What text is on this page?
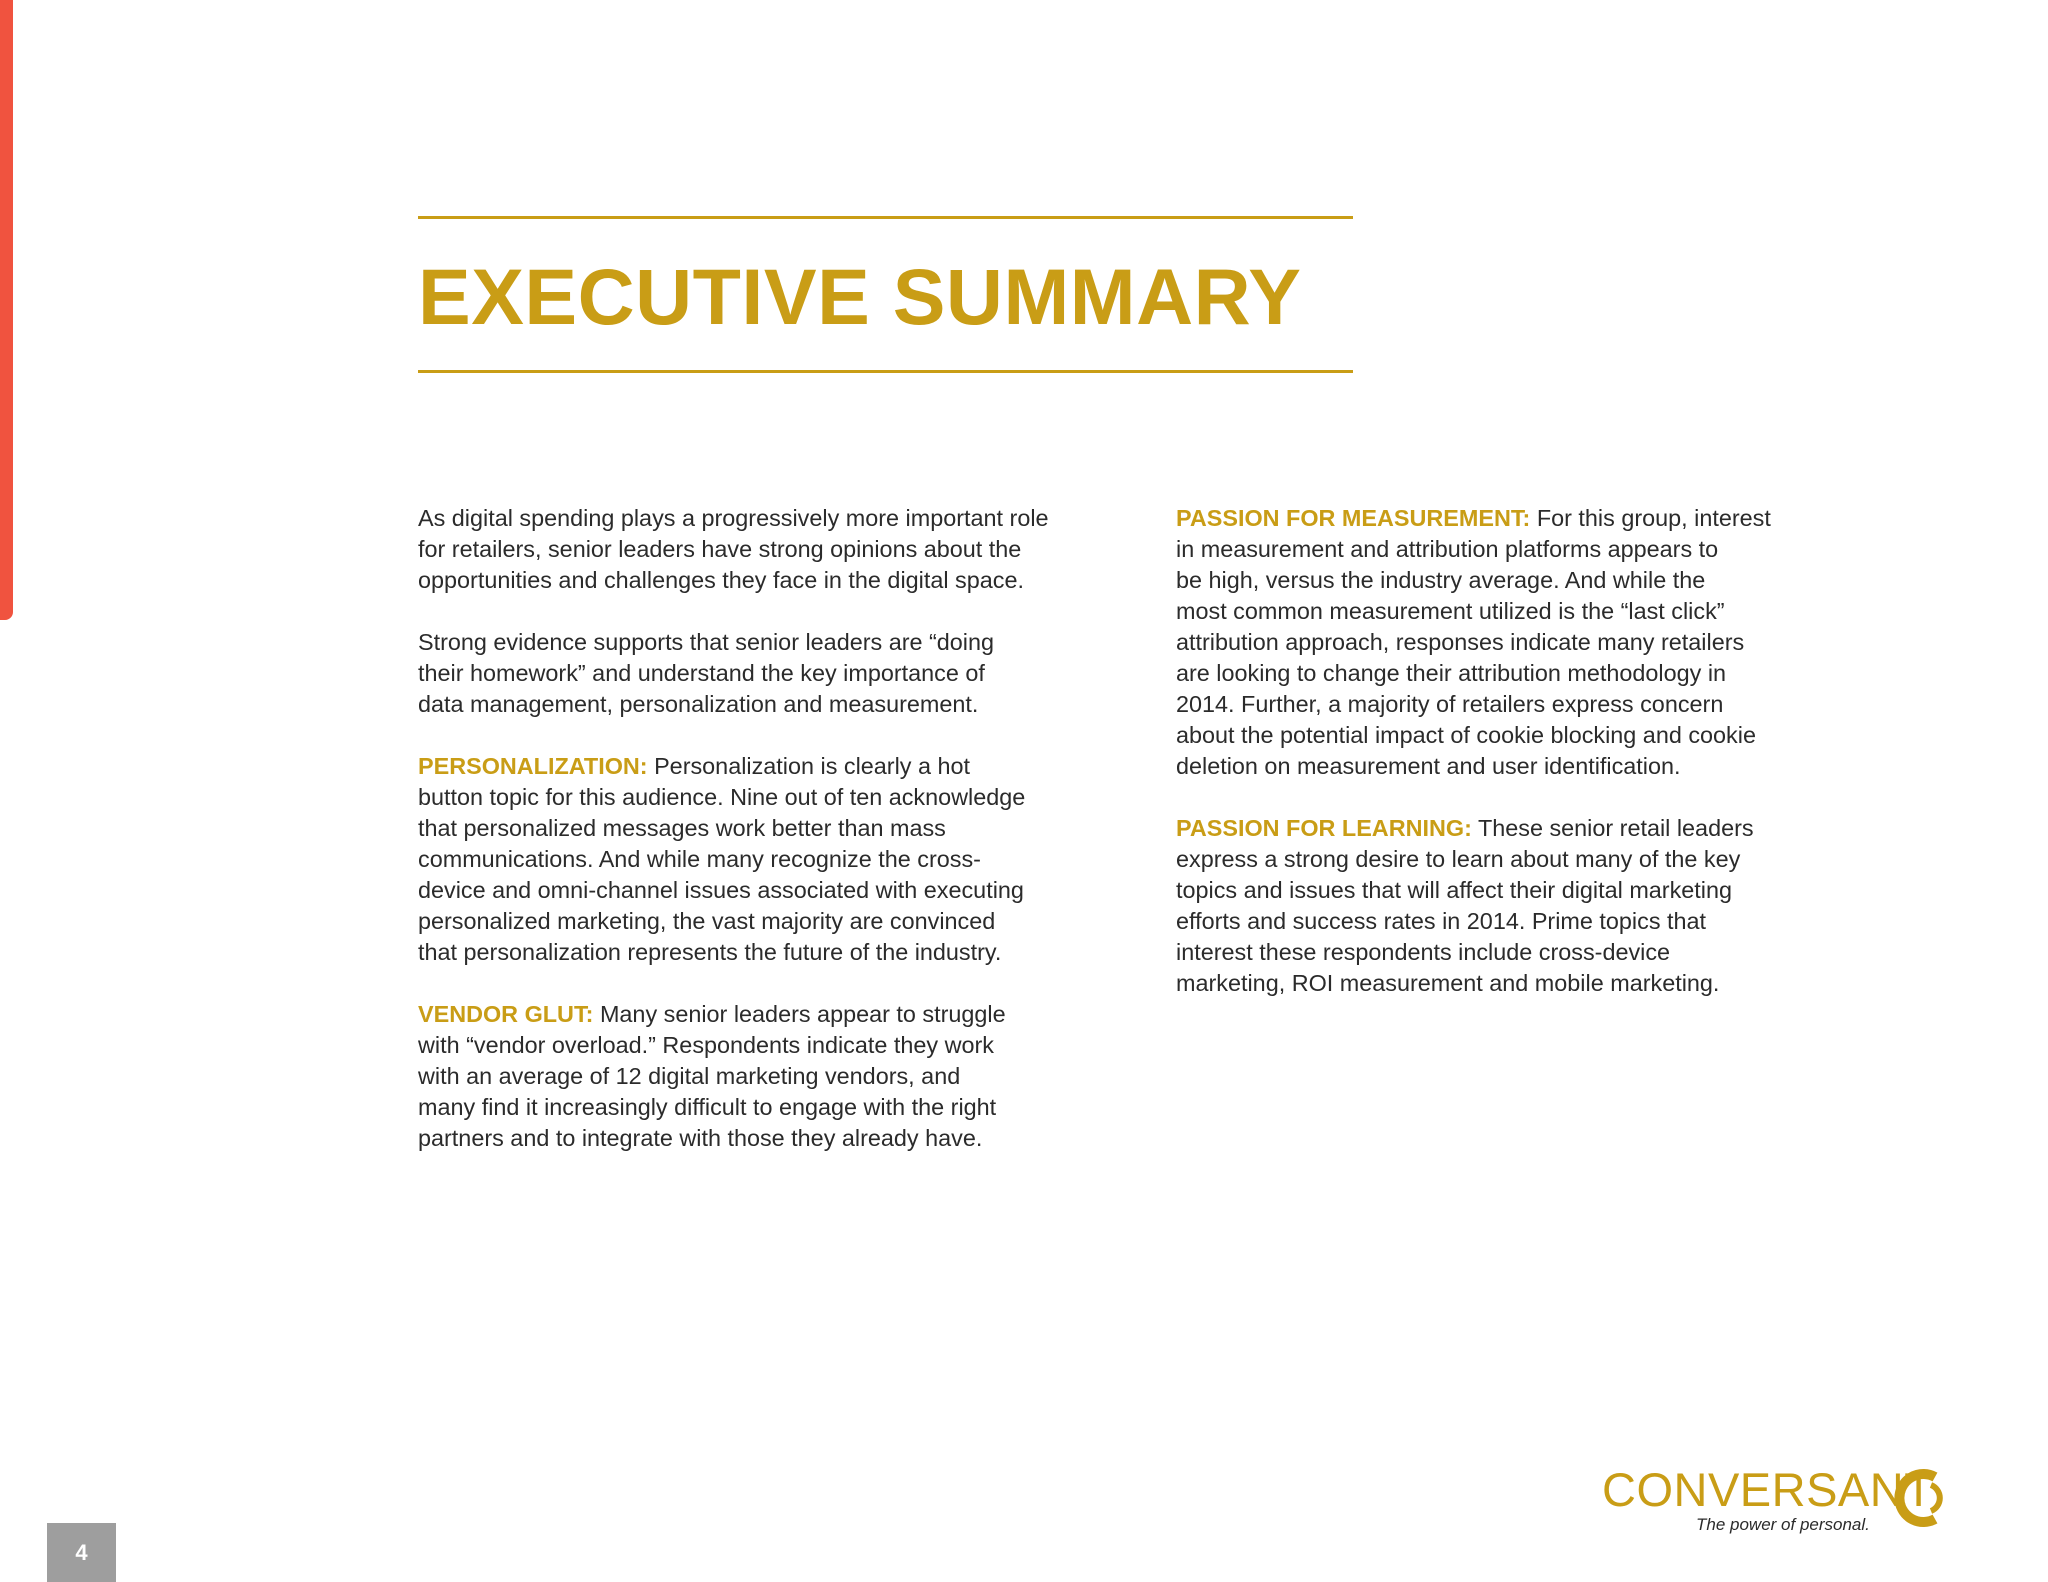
EXECUTIVE SUMMARY

As digital spending plays a progressively more important role
for retailers, senior leaders have strong opinions about the
opportunities and challenges they face in the digital space.

Strong evidence supports that senior leaders are “doing
their homework” and understand the key importance of
data management, personalization and measurement.

PERSONALIZATION: Personalization is clearly a hot
button topic for this audience. Nine out of ten acknowledge
that personalized messages work better than mass
communications. And while many recognize the cross-
device and omni-channel issues associated with executing
personalized marketing, the vast majority are convinced
that personalization represents the future of the industry.

VENDOR GLUT: Many senior leaders appear to struggle
with “vendor overload.” Respondents indicate they work
with an average of 12 digital marketing vendors, and
many find it increasingly difficult to engage with the right
partners and to integrate with those they already have.

PASSION FOR MEASUREMENT: For this group, interest
in measurement and attribution platforms appears to
be high, versus the industry average. And while the
most common measurement utilized is the “last click”
attribution approach, responses indicate many retailers
are looking to change their attribution methodology in
2014. Further, a majority of retailers express concern
about the potential impact of cookie blocking and cookie
deletion on measurement and user identification.

PASSION FOR LEARNING: These senior retail leaders
express a strong desire to learn about many of the key
topics and issues that will affect their digital marketing
efforts and success rates in 2014. Prime topics that
interest these respondents include cross-device
marketing, ROI measurement and mobile marketing.

CONVERSANT
The power of personal.
4
